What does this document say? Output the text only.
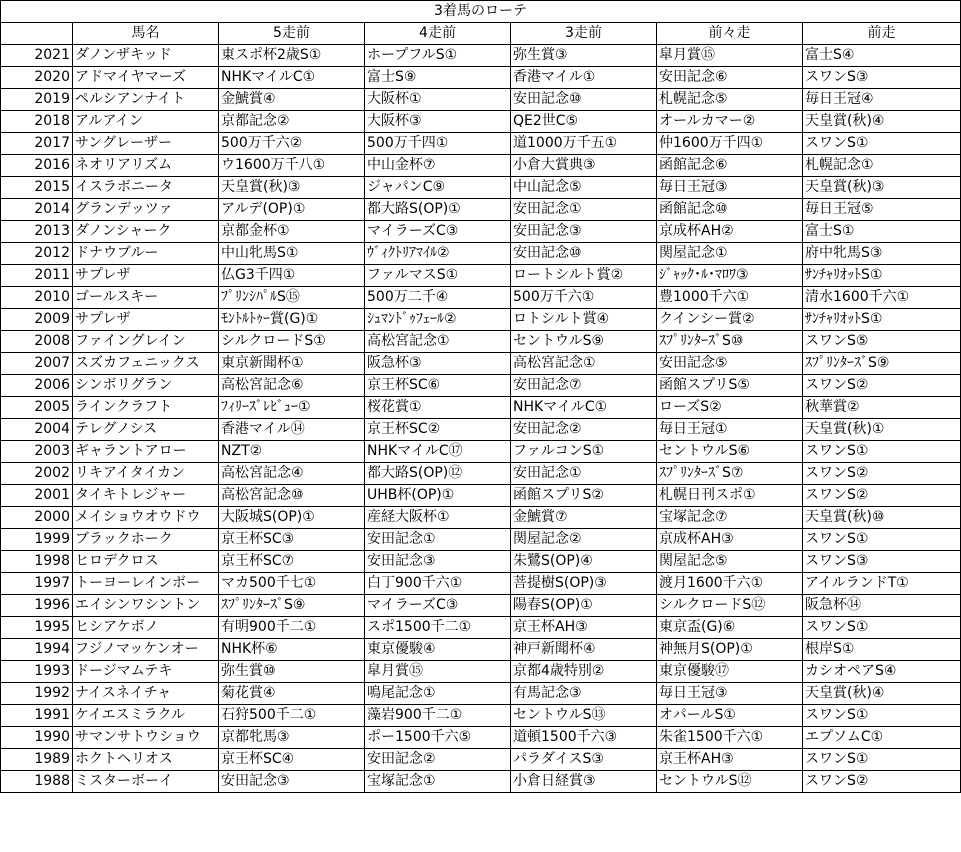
3着馬のローテ						
	馬名	5走前	4走前	3走前	前々走	前走
2021	ダノンザキッド	東スポ杯2歳S①	ホープフルS①	弥生賞③	皐月賞⑮	富士S④
2020	アドマイヤマーズ	NHKマイルC①	富士S⑨	香港マイル①	安田記念⑥	スワンS③
2019	ペルシアンナイト	金鯱賞④	大阪杯①	安田記念⑩	札幌記念⑤	毎日王冠④
2018	アルアイン	京都記念②	大阪杯③	QE2世C⑤	オールカマー②	天皇賞(秋)④
2017	サングレーザー	500万千六②	500万千四①	道1000万千五①	仲1600万千四①	スワンS①
2016	ネオリアリズム	ウ1600万千八①	中山金杯⑦	小倉大賞典③	函館記念⑥	札幌記念①
2015	イスラボニータ	天皇賞(秋)③	ジャパンC⑨	中山記念⑤	毎日王冠③	天皇賞(秋)③
2014	グランデッツァ	アルデ(OP)①	都大路S(OP)①	安田記念①	函館記念⑩	毎日王冠⑤
2013	ダノンシャーク	京都金杯①	マイラーズC③	安田記念③	京成杯AH②	富士S①
2012	ドナウブルー	中山牝馬S①	ｳﾞｨｸﾄﾘｱﾏｲﾙ②	安田記念⑩	関屋記念①	府中牝馬S③
2011	サプレザ	仏G3千四①	ファルマスS①	ロートシルト賞②	ｼﾞｬｯｸ･ﾙ･ﾏﾛﾜ③	ｻﾝﾁｬﾘｵｯﾄS①
2010	ゴールスキー	ﾌﾟﾘﾝｼﾊﾟﾙS⑮	500万二千④	500万千六①	豊1000千六①	清水1600千六①
2009	サプレザ	ﾓﾝﾄﾙﾄｩｰ賞(G)①	ｼｭﾏﾝﾄﾞｩﾌｪｰﾙ②	ロトシルト賞④	クインシー賞②	ｻﾝﾁｬﾘｵｯﾄS①
2008	ファイングレイン	シルクロードS①	高松宮記念①	セントウルS⑨	ｽﾌﾟﾘﾝﾀｰｽﾞS⑩	スワンS⑤
2007	スズカフェニックス	東京新聞杯①	阪急杯③	高松宮記念①	安田記念⑤	ｽﾌﾟﾘﾝﾀｰｽﾞS⑨
2006	シンボリグラン	高松宮記念⑥	京王杯SC⑥	安田記念⑦	函館スプリS⑤	スワンS②
2005	ラインクラフト	ﾌｨﾘｰｽﾞﾚﾋﾞｭｰ①	桜花賞①	NHKマイルC①	ローズS②	秋華賞②
2004	テレグノシス	香港マイル⑭	京王杯SC②	安田記念②	毎日王冠①	天皇賞(秋)①
2003	ギャラントアロー	NZT②	NHKマイルC⑰	ファルコンS①	セントウルS⑥	スワンS①
2002	リキアイタイカン	高松宮記念④	都大路S(OP)⑫	安田記念①	ｽﾌﾟﾘﾝﾀｰｽﾞS⑦	スワンS②
2001	タイキトレジャー	高松宮記念⑩	UHB杯(OP)①	函館スプリS②	札幌日刊スポ①	スワンS②
2000	メイショウオウドウ	大阪城S(OP)①	産経大阪杯①	金鯱賞⑦	宝塚記念⑦	天皇賞(秋)⑩
1999	ブラックホーク	京王杯SC③	安田記念①	関屋記念②	京成杯AH③	スワンS①
1998	ヒロデクロス	京王杯SC⑦	安田記念③	朱鷺S(OP)④	関屋記念⑤	スワンS③
1997	トーヨーレインボー	マカ500千七①	白丁900千六①	菩提樹S(OP)③	渡月1600千六①	アイルランドT①
1996	エイシンワシントン	ｽﾌﾟﾘﾝﾀｰｽﾞS⑨	マイラーズC③	陽春S(OP)①	シルクロードS⑫	阪急杯⑭
1995	ヒシアケボノ	有明900千二①	スポ1500千二①	京王杯AH③	東京盃(G)⑥	スワンS①
1994	フジノマッケンオー	NHK杯⑥	東京優駿④	神戸新聞杯④	神無月S(OP)①	根岸S①
1993	ドージマムテキ	弥生賞⑩	皐月賞⑮	京都4歳特別②	東京優駿⑰	カシオペアS④
1992	ナイスネイチャ	菊花賞④	鳴尾記念①	有馬記念③	毎日王冠③	天皇賞(秋)④
1991	ケイエスミラクル	石狩500千二①	藻岩900千二①	セントウルS⑬	オパールS①	スワンS①
1990	サマンサトウショウ	京都牝馬③	ポー1500千六⑤	道頓1500千六③	朱雀1500千六①	エプソムC①
1989	ホクトヘリオス	京王杯SC④	安田記念②	パラダイスS③	京王杯AH③	スワンS①
1988	ミスターボーイ	安田記念③	宝塚記念①	小倉日経賞③	セントウルS⑫	スワンS②
